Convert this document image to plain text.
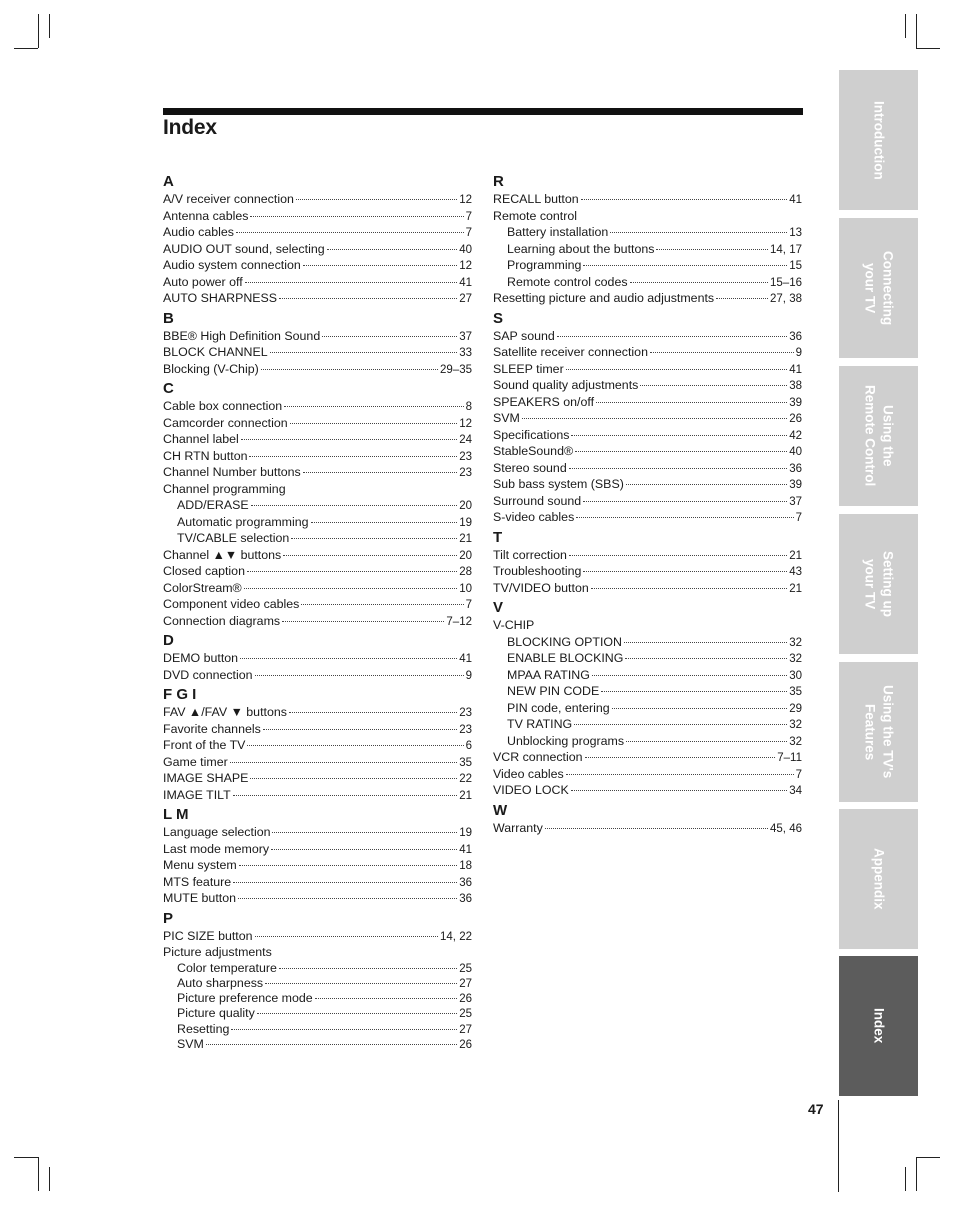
Index
A
A/V receiver connection	12
Antenna cables	7
Audio cables	7
AUDIO OUT sound, selecting	40
Audio system connection	12
Auto power off	41
AUTO SHARPNESS	27
B
BBE® High Definition Sound	37
BLOCK CHANNEL	33
Blocking (V-Chip)	29–35
C
Cable box connection	8
Camcorder connection	12
Channel label	24
CH RTN button	23
Channel Number buttons	23
Channel programming
ADD/ERASE	20
Automatic programming	19
TV/CABLE selection	21
Channel ▲▼ buttons	20
Closed caption	28
ColorStream®	10
Component video cables	7
Connection diagrams	7–12
D
DEMO button	41
DVD connection	9
F G I
FAV ▲/FAV ▼ buttons	23
Favorite channels	23
Front of the TV	6
Game timer	35
IMAGE SHAPE	22
IMAGE TILT	21
L M
Language selection	19
Last mode memory	41
Menu system	18
MTS feature	36
MUTE button	36
P
PIC SIZE button	14, 22
Picture adjustments
Color temperature	25
Auto sharpness	27
Picture preference mode	26
Picture quality	25
Resetting	27
SVM	26
R
RECALL button	41
Remote control
Battery installation	13
Learning about the buttons	14, 17
Programming	15
Remote control codes	15–16
Resetting picture and audio adjustments	27, 38
S
SAP sound	36
Satellite receiver connection	9
SLEEP timer	41
Sound quality adjustments	38
SPEAKERS on/off	39
SVM	26
Specifications	42
StableSound®	40
Stereo sound	36
Sub bass system (SBS)	39
Surround sound	37
S-video cables	7
T
Tilt correction	21
Troubleshooting	43
TV/VIDEO button	21
V
V-CHIP
BLOCKING OPTION	32
ENABLE BLOCKING	32
MPAA RATING	30
NEW PIN CODE	35
PIN code, entering	29
TV RATING	32
Unblocking programs	32
VCR connection	7–11
Video cables	7
VIDEO LOCK	34
W
Warranty	45, 46
Introduction
Connecting
your TV
Using the
Remote Control
Setting up
your TV
Using the TV's
Features
Appendix
Index
47
